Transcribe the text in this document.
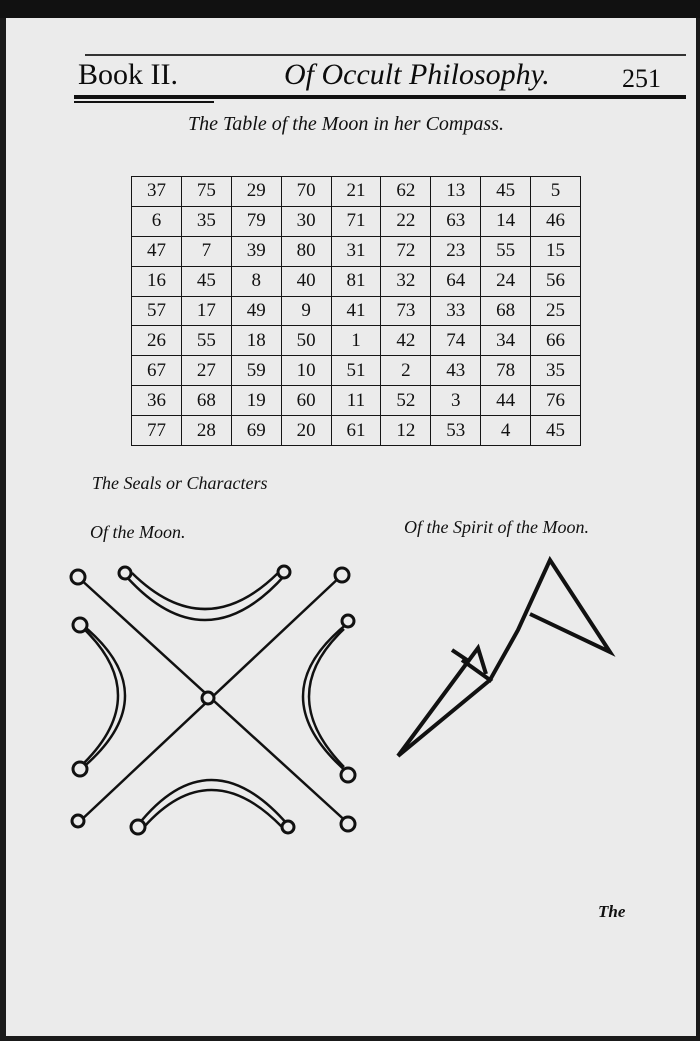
Book II.	Of Occult Philosophy.	251
The Table of the Moon in her Compass.
37	75	29	70	21	62	13	45	5
6	35	79	30	71	22	63	14	46
47	7	39	80	31	72	23	55	15
16	45	8	40	81	32	64	24	56
57	17	49	9	41	73	33	68	25
26	55	18	50	1	42	74	34	66
67	27	59	10	51	2	43	78	35
36	68	19	60	11	52	3	44	76
77	28	69	20	61	12	53	4	45
The Seals or Characters
Of the Moon.	Of the Spirit of the Moon.
The
